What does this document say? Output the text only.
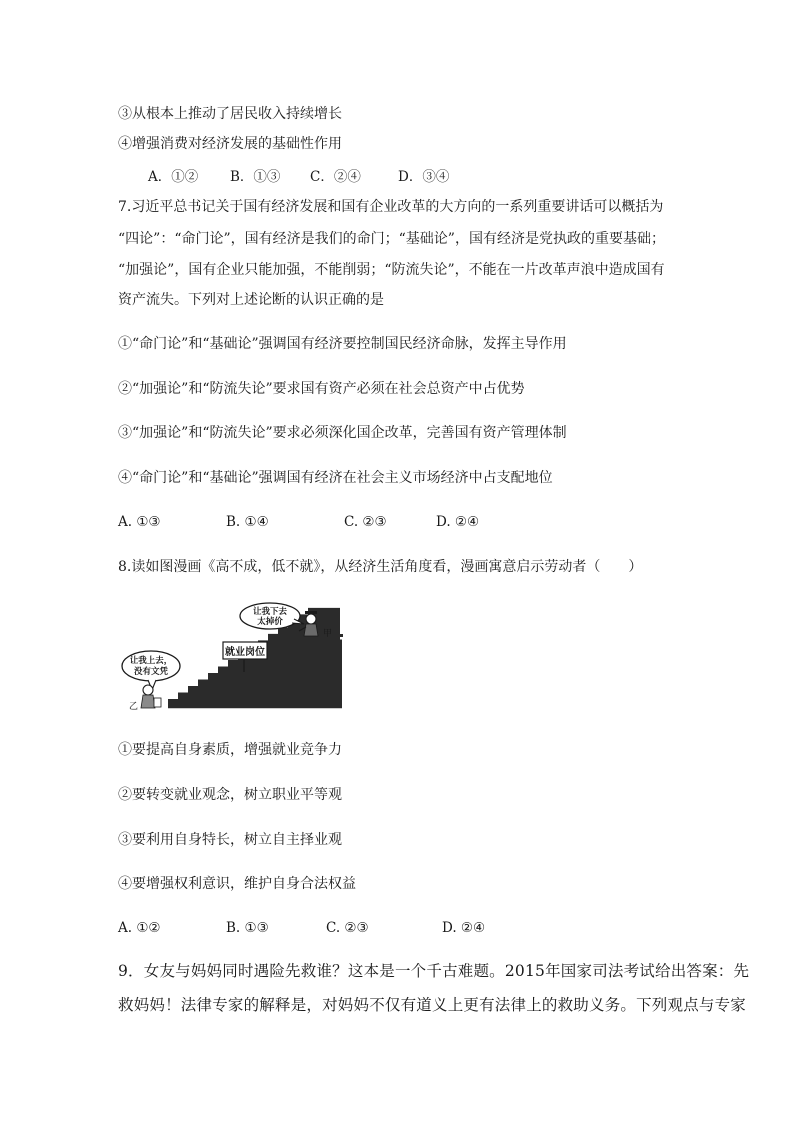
③从根本上推动了居民收入持续增长
④增强消费对经济发展的基础性作用
A．①② B．①③ C．②④	D．③④
7.习近平总书记关于国有经济发展和国有企业改革的大方向的一系列重要讲话可以概括为
“四论”：“命门论”，国有经济是我们的命门；“基础论”，国有经济是党执政的重要基础；
“加强论”，国有企业只能加强，不能削弱；“防流失论”，不能在一片改革声浪中造成国有
资产流失。下列对上述论断的认识正确的是
①“命门论”和“基础论”强调国有经济要控制国民经济命脉，发挥主导作用
②“加强论”和“防流失论”要求国有资产必须在社会总资产中占优势
③“加强论”和“防流失论”要求必须深化国企改革，完善国有资产管理体制
④“命门论”和“基础论”强调国有经济在社会主义市场经济中占支配地位
A. ①③	B. ①④	C. ②③	D. ②④
8.读如图漫画《高不成，低不就》，从经济生活角度看，漫画寓意启示劳动者（　　）
就业岗位
甲
让我下去
太掉价
让我上去，
没有文凭
乙
①要提高自身素质，增强就业竞争力
②要转变就业观念，树立职业平等观
③要利用自身特长，树立自主择业观
④要增强权利意识，维护自身合法权益
A. ①②	B. ①③	C. ②③	D. ②④
9．女友与妈妈同时遇险先救谁？这本是一个千古难题。2015年国家司法考试给出答案：先
救妈妈！法律专家的解释是，对妈妈不仅有道义上更有法律上的救助义务。下列观点与专家
